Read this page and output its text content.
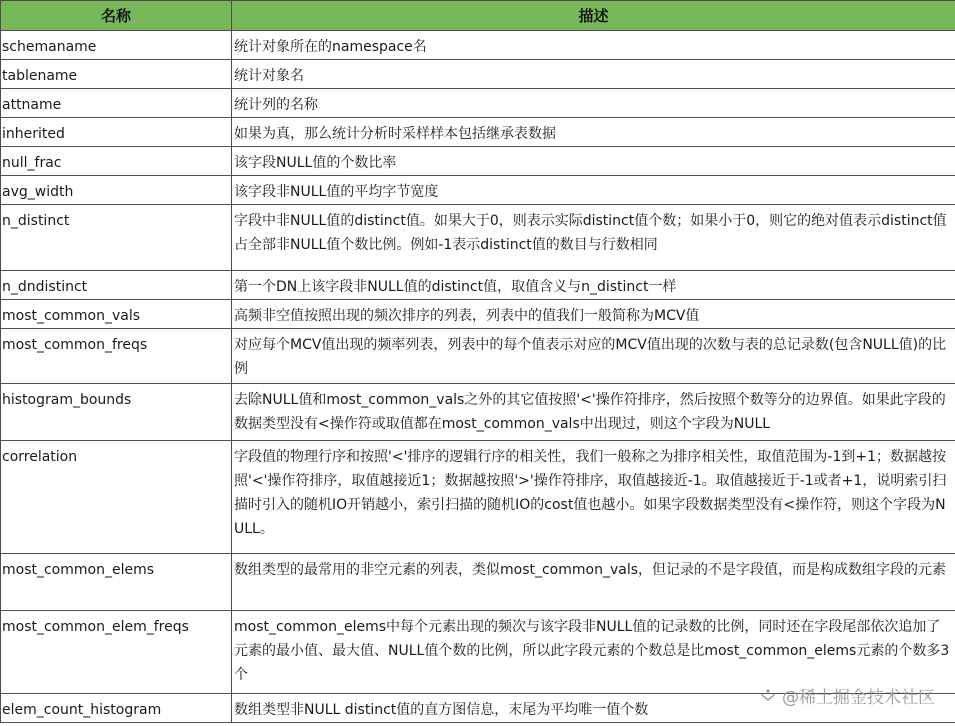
名称	描述
schemaname	统计对象所在的namespace名
tablename	统计对象名
attname	统计列的名称
inherited	如果为真，那么统计分析时采样样本包括继承表数据
null_frac	该字段NULL值的个数比率
avg_width	该字段非NULL值的平均字节宽度
n_distinct	字段中非NULL值的distinct值。如果大于0，则表示实际distinct值个数；如果小于0，则它的绝对值表示distinct值占全部非NULL值个数比例。例如-1表示distinct值的数目与行数相同
n_dndistinct	第一个DN上该字段非NULL值的distinct值，取值含义与n_distinct一样
most_common_vals	高频非空值按照出现的频次排序的列表，列表中的值我们一般简称为MCV值
most_common_freqs	对应每个MCV值出现的频率列表，列表中的每个值表示对应的MCV值出现的次数与表的总记录数(包含NULL值)的比例
histogram_bounds	去除NULL值和most_common_vals之外的其它值按照'<'操作符排序，然后按照个数等分的边界值。如果此字段的数据类型没有<操作符或取值都在most_common_vals中出现过，则这个字段为NULL
correlation	字段值的物理行序和按照'<'排序的逻辑行序的相关性，我们一般称之为排序相关性，取值范围为-1到+1；数据越按照'<'操作符排序，取值越接近1；数据越按照'>'操作符排序，取值越接近-1。取值越接近于-1或者+1，说明索引扫描时引入的随机IO开销越小，索引扫描的随机IO的cost值也越小。如果字段数据类型没有<操作符，则这个字段为NULL。
most_common_elems	数组类型的最常用的非空元素的列表，类似most_common_vals，但记录的不是字段值，而是构成数组字段的元素
most_common_elem_freqs	most_common_elems中每个元素出现的频次与该字段非NULL值的记录数的比例，同时还在字段尾部依次追加了元素的最小值、最大值、NULL值个数的比例，所以此字段元素的个数总是比most_common_elems元素的个数多3个
elem_count_histogram	数组类型非NULL distinct值的直方图信息，末尾为平均唯一值个数
@稀土掘金技术社区
